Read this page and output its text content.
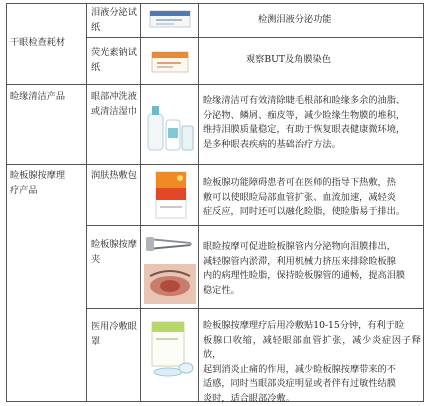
干眼检查耗材
泪液分泌试
纸
检测泪液分泌功能
荧光素钠试
纸
观察BUT及角膜染色
睑缘清洁产品	眼部冲洗液
或清洁湿巾
睑缘清洁可有效清除睫毛根部和睑缘多余的油脂、
分泌物、鳞屑、痂皮等，减少睑缘生物膜的堆积，
维持泪膜质量稳定，有助于恢复眼表健康微环境，
是多种眼表疾病的基础治疗方法。
睑板腺按摩理
疗产品
润肤热敷包
睑板腺功能障碍患者可在医师的指导下热敷，热
敷可以使眼睑局部血管扩张、血流加速，减轻炎
症反应，同时还可以融化睑脂，使睑脂易于排出。
睑板腺按摩
夹
眼睑按摩可促进睑板腺管内分泌物向泪膜排出，
减轻腺管内淤滞，利用机械力挤压来排除睑板腺
内的病理性睑脂，保持睑板腺管的通畅，提高泪膜
稳定性。
医用冷敷眼
罩
睑板腺按摩理疗后用冷敷贴10-15分钟，有利于睑
板腺口收缩，减轻眼部血管扩张，减少炎症因子释放，
起到消炎止痛的作用，减少睑板腺按摩带来的不
适感，同时当眼部炎症明显或者伴有过敏性结膜
炎时，适合眼部冷敷。
